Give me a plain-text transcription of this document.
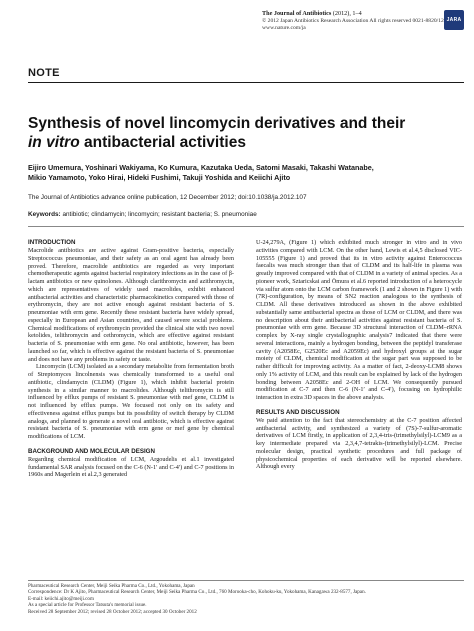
The Journal of Antibiotics (2012), 1–4
© 2012 Japan Antibiotics Research Association All rights reserved 0021-8820/12
www.nature.com/ja
JARA
NOTE
Synthesis of novel lincomycin derivatives and their
in vitro antibacterial activities
Eijiro Umemura, Yoshinari Wakiyama, Ko Kumura, Kazutaka Ueda, Satomi Masaki, Takashi Watanabe,
Mikio Yamamoto, Yoko Hirai, Hideki Fushimi, Takuji Yoshida and Keiichi Ajito
The Journal of Antibiotics advance online publication, 12 December 2012; doi:10.1038/ja.2012.107
Keywords: antibiotic; clindamycin; lincomycin; resistant bacteria; S. pneumoniae
INTRODUCTION

Macrolide antibiotics are active against Gram-positive bacteria, especially Streptococcus pneumoniae, and their safety as an oral agent has already been proved. Therefore, macrolide antibiotics are regarded as very important chemotherapeutic agents against bacterial respiratory infections as in the case of β-lactam antibiotics or new quinolones. Although clarithromycin and azithromycin, which are representatives of widely used macrolides, exhibit enhanced antibacterial activities and characteristic pharmacokinetics compared with those of erythromycin, they are not active enough against resistant bacteria of S. pneumoniae with erm gene. Recently these resistant bacteria have widely spread, especially in European and Asian countries, and caused severe social problems. Chemical modifications of erythromycin provided the clinical site with two novel ketolides, telithromycin and cethromycin, which are effective against resistant bacteria of S. pneumoniae with erm gene. No oral antibiotic, however, has been launched so far, which is effective against the resistant bacteria of S. pneumoniae and does not have any problems in safety or taste.

Lincomycin (LCM) isolated as a secondary metabolite from fermentation broth of Streptomyces lincolnensis was chemically transformed to a useful oral antibiotic, clindamycin (CLDM) (Figure 1), which inhibit bacterial protein synthesis in a similar manner to macrolides. Although telithromycin is still influenced by efflux pumps of resistant S. pneumoniae with mef gene, CLDM is not influenced by efflux pumps. We focused not only on its safety and effectiveness against efflux pumps but its possibility of switch therapy by CLDM analogs, and planned to generate a novel oral antibiotic, which is effective against resistant bacteria of S. pneumoniae with erm gene or mef gene by chemical modifications of LCM.

BACKGROUND AND MOLECULAR DESIGN

Regarding chemical modification of LCM, Argoudelis et al.1 investigated fundamental SAR analysis focused on the C-6 (N-1′ and C-4′) and C-7 positions in 1960s and Magerlein et al.2,3 generated

U-24,279A, (Figure 1) which exhibited much stronger in vitro and in vivo activities compared with LCM. On the other hand, Lewis et al.4,5 disclosed VIC-105555 (Figure 1) and proved that its in vitro activity against Enterococcus faecalis was much stronger than that of CLDM and its half-life in plasma was greatly improved compared with that of CLDM in a variety of animal species. As a pioneer work, Sztaricskai and Ömura et al.6 reported introduction of a heterocycle via sulfur atom onto the LCM carbon framework (1 and 2 shown in Figure 1) with (7R)-configuration, by means of SN2 reaction analogous to the synthesis of CLDM. All these derivatives introduced as shown in the above exhibited substantially same antibacterial spectra as those of LCM or CLDM, and there was no description about their antibacterial activities against resistant bacteria of S. pneumoniae with erm gene. Because 3D structural interaction of CLDM–rRNA complex by X-ray single crystallographic analysis7 indicated that there were several interactions, mainly a hydrogen bonding, between the peptidyl transferase cavity (A2058Ec, G2520Ec and A2059Ec) and hydroxyl groups at the sugar moiety of CLDM, chemical modification at the sugar part was supposed to be rather difficult for improving activity. As a matter of fact, 2-deoxy-LCM8 shows only 1% activity of LCM, and this result can be explained by lack of the hydrogen bonding between A2058Ec and 2-OH of LCM. We consequently pursued modification at C-7 and then C-6 (N-1′ and C-4′), focusing on hydrophilic interaction in extra 3D spaces in the above analysis.

RESULTS AND DISCUSSION

We paid attention to the fact that stereochemistry at the C-7 position affected antibacterial activity, and synthesized a variety of (7S)-7-sulfur-aromatic derivatives of LCM firstly, in application of 2,3,4-tris-(trimethylsilyl)-LCM9 as a key intermediate prepared via 2,3,4,7-tetrakis-(trimethylsilyl)-LCM. Precise molecular design, practical synthetic procedures and full package of physicochemical properties of each derivative will be reported elsewhere. Although every

Pharmaceutical Research Center, Meiji Seika Pharma Co., Ltd., Yokohama, Japan

Correspondence: Dr K Ajito, Pharmaceutical Research Center, Meiji Seika Pharma Co., Ltd., 760 Morooka-cho, Kohoku-ku, Yokohama, Kanagawa 232-8577, Japan.

E-mail: keiichi.ajito@meiji.com

As a special article for Professor Tatsuta's memorial issue.

Received 28 September 2012; revised 28 October 2012; accepted 30 October 2012
